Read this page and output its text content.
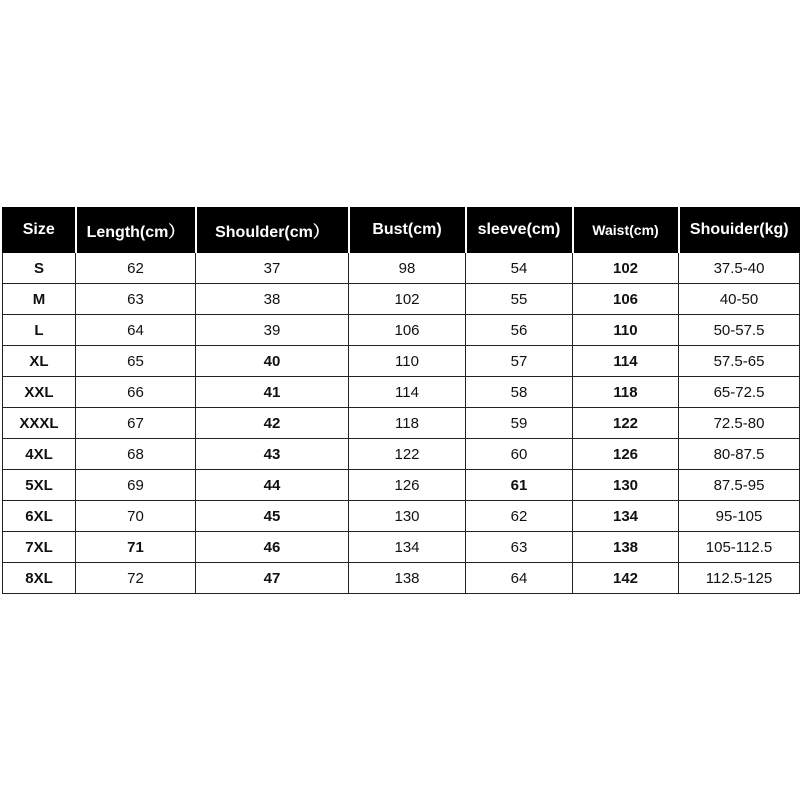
Size	Length(cm）	Shoulder(cm）	Bust(cm)	sleeve(cm)	Waist(cm)	Shouider(kg)
S	62	37	98	54	102	37.5-40
M	63	38	102	55	106	40-50
L	64	39	106	56	110	50-57.5
XL	65	40	110	57	114	57.5-65
XXL	66	41	114	58	118	65-72.5
XXXL	67	42	118	59	122	72.5-80
4XL	68	43	122	60	126	80-87.5
5XL	69	44	126	61	130	87.5-95
6XL	70	45	130	62	134	95-105
7XL	71	46	134	63	138	105-112.5
8XL	72	47	138	64	142	112.5-125
